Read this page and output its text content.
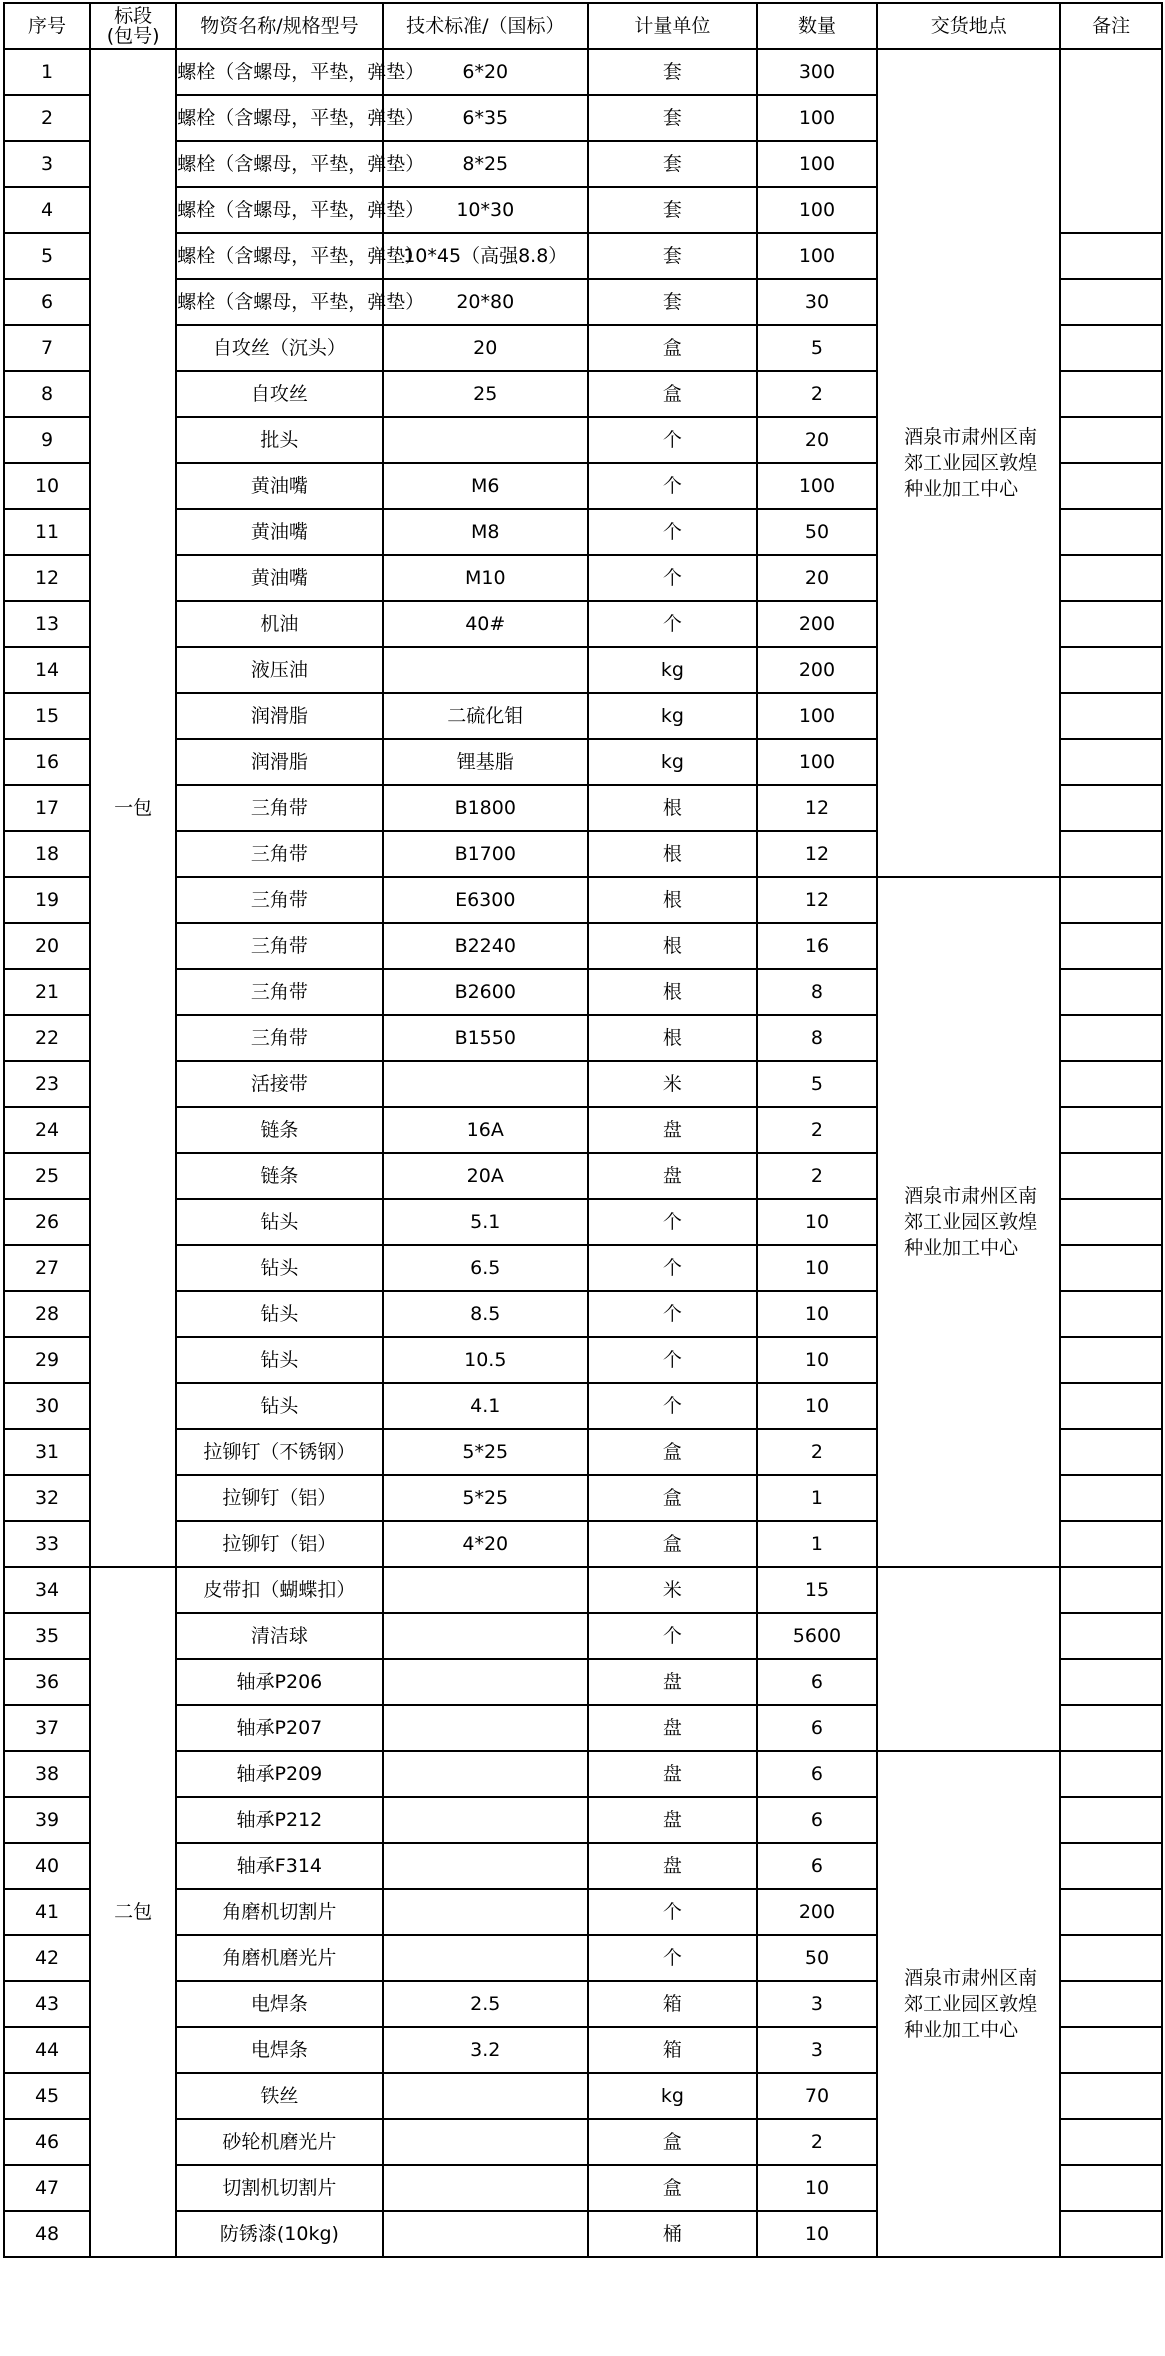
序号	标段
(包号)	物资名称/规格型号	技术标准/（国标）	计量单位	数量	交货地点	备注
1	一包	螺栓（含螺母，平垫，弹垫）	6*20	套	300	酒泉市肃州区南郊工业园区敦煌种业加工中心	
2		螺栓（含螺母，平垫，弹垫）	6*35	套	100		
3		螺栓（含螺母，平垫，弹垫）	8*25	套	100		
4		螺栓（含螺母，平垫，弹垫）	10*30	套	100		
5		螺栓（含螺母，平垫，弹垫）	10*45（高强8.8）	套	100		
6		螺栓（含螺母，平垫，弹垫）	20*80	套	30		
7		自攻丝（沉头）	20	盒	5		
8		自攻丝	25	盒	2		
9		批头		个	20		
10		黄油嘴	M6	个	100		
11		黄油嘴	M8	个	50		
12		黄油嘴	M10	个	20		
13		机油	40#	个	200		
14		液压油		kg	200		
15		润滑脂	二硫化钼	kg	100		
16		润滑脂	锂基脂	kg	100		
17		三角带	B1800	根	12		
18		三角带	B1700	根	12		
19		三角带	E6300	根	12	酒泉市肃州区南郊工业园区敦煌种业加工中心	
20		三角带	B2240	根	16		
21		三角带	B2600	根	8		
22		三角带	B1550	根	8		
23		活接带		米	5		
24		链条	16A	盘	2		
25		链条	20A	盘	2		
26		钻头	5.1	个	10		
27		钻头	6.5	个	10		
28		钻头	8.5	个	10		
29		钻头	10.5	个	10		
30		钻头	4.1	个	10		
31		拉铆钉（不锈钢）	5*25	盒	2		
32		拉铆钉（铝）	5*25	盒	1		
33		拉铆钉（铝）	4*20	盒	1		
34	二包	皮带扣（蝴蝶扣）		米	15		
35		清洁球		个	5600		
36		轴承P206		盘	6		
37		轴承P207		盘	6		
38		轴承P209		盘	6	酒泉市肃州区南郊工业园区敦煌种业加工中心	
39		轴承P212		盘	6		
40		轴承F314		盘	6		
41		角磨机切割片		个	200		
42		角磨机磨光片		个	50		
43		电焊条	2.5	箱	3		
44		电焊条	3.2	箱	3		
45		铁丝		kg	70		
46		砂轮机磨光片		盒	2		
47		切割机切割片		盒	10		
48		防锈漆(10kg)		桶	10		
